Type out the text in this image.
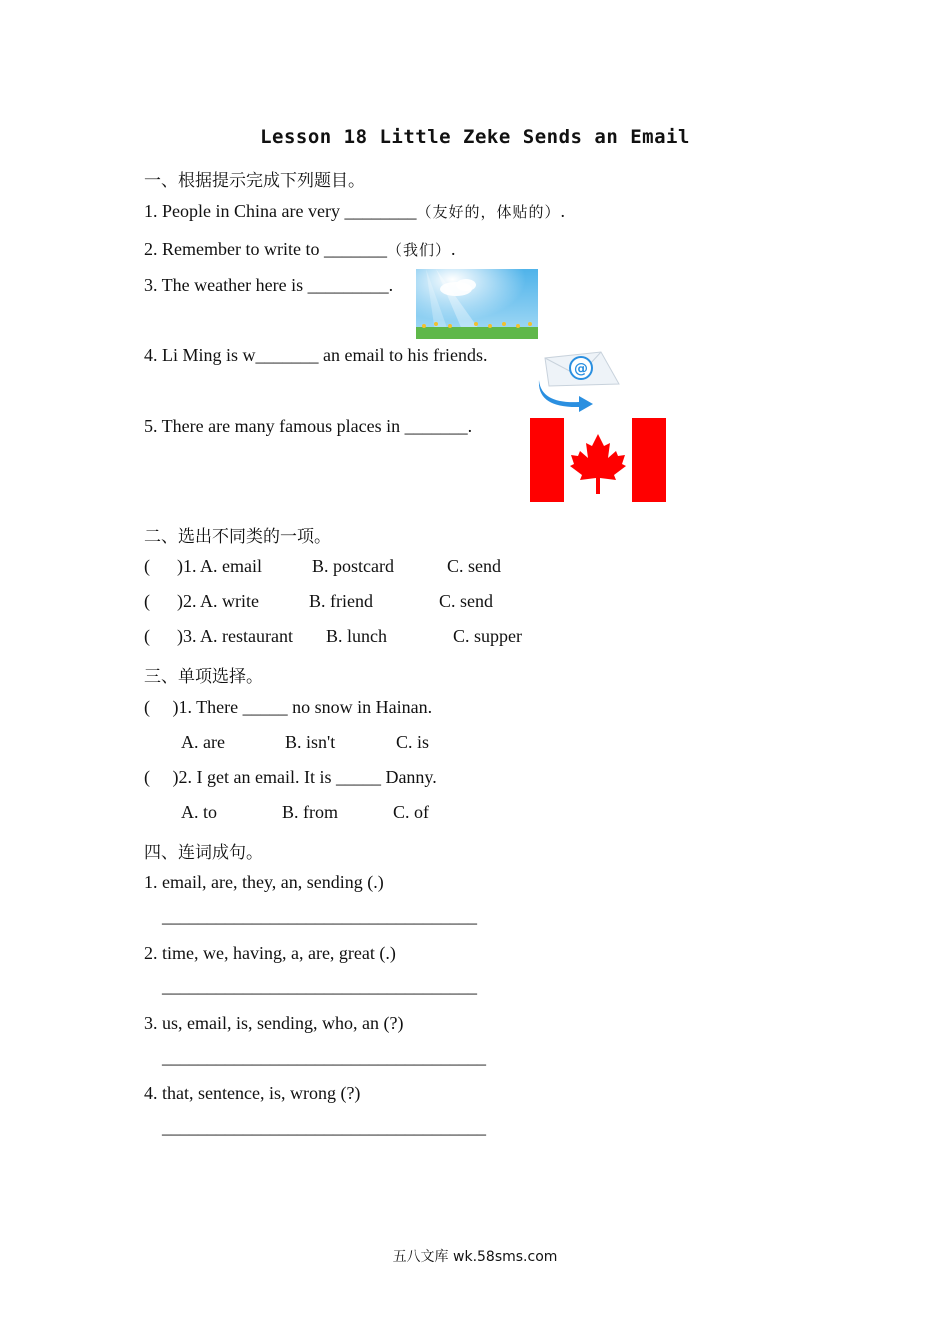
Lesson 18 Little Zeke Sends an Email
一、根据提示完成下列题目。
1. People in China are very ________（友好的，体贴的）.
2. Remember to write to _______（我们）.
3. The weather here is _________.
4. Li Ming is w_______ an email to his friends.
@
5. There are many famous places in _______.
二、选出不同类的一项。
(      )1. A. email	B. postcard	C. send
(      )2. A. write	B. friend	C. send
(      )3. A. restaurant B. lunch	C. supper
三、单项选择。
(     )1. There _____ no snow in Hainan.
A. are	B. isn't	C. is
(     )2. I get an email. It is _____ Danny.
A. to	B. from	C. of
四、连词成句。
1. email, are, they, an, sending (.)
___________________________________
2. time, we, having, a, are, great (.)
___________________________________
3. us, email, is, sending, who, an (?)
____________________________________
4. that, sentence, is, wrong (?)
____________________________________
五八文库 wk.58sms.com
